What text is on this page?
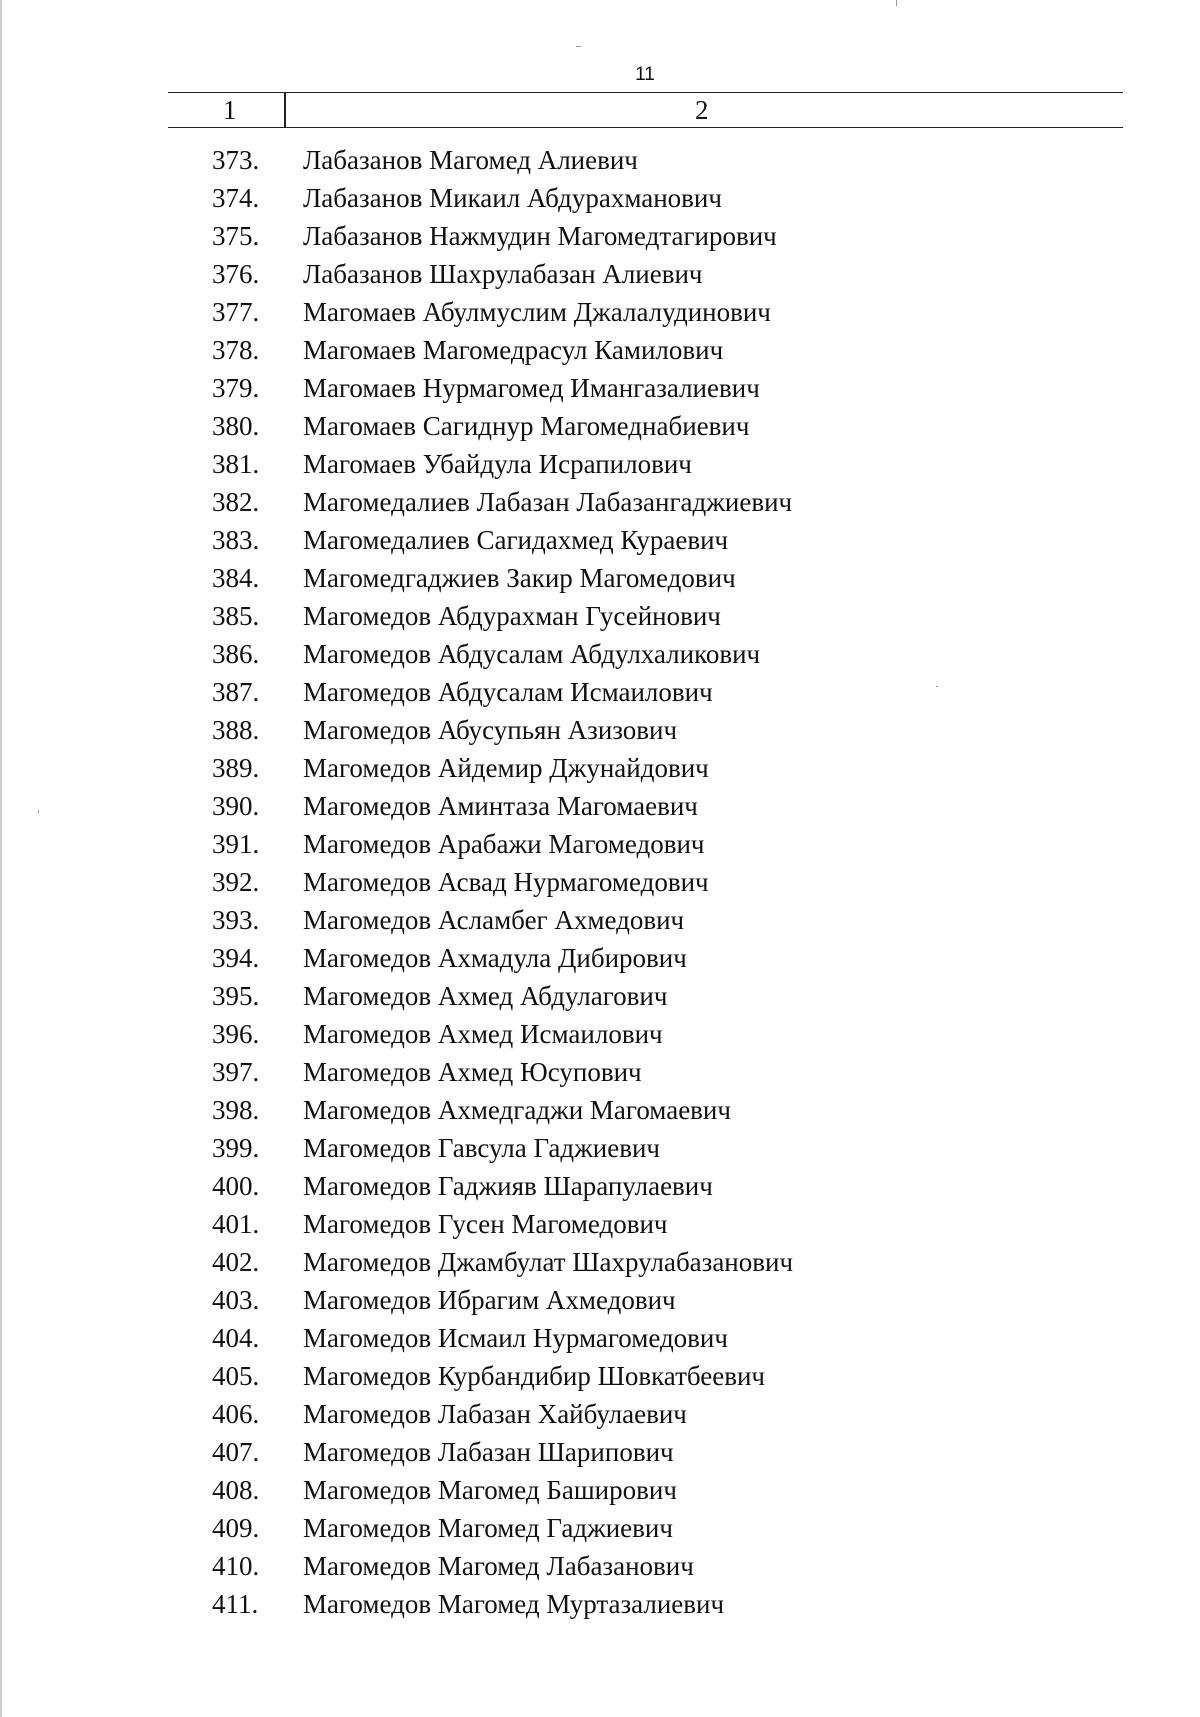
11
1	2
373. Лабазанов Магомед Алиевич
374. Лабазанов Микаил Абдурахманович
375. Лабазанов Нажмудин Магомедтагирович
376. Лабазанов Шахрулабазан Алиевич
377. Магомаев Абулмуслим Джалалудинович
378. Магомаев Магомедрасул Камилович
379. Магомаев Нурмагомед Имангазалиевич
380. Магомаев Сагиднур Магомеднабиевич
381. Магомаев Убайдула Исрапилович
382. Магомедалиев Лабазан Лабазангаджиевич
383. Магомедалиев Сагидахмед Кураевич
384. Магомедгаджиев Закир Магомедович
385. Магомедов Абдурахман Гусейнович
386. Магомедов Абдусалам Абдулхаликович
387. Магомедов Абдусалам Исмаилович
388. Магомедов Абусупьян Азизович
389. Магомедов Айдемир Джунайдович
390. Магомедов Аминтаза Магомаевич
391. Магомедов Арабажи Магомедович
392. Магомедов Асвад Нурмагомедович
393. Магомедов Асламбег Ахмедович
394. Магомедов Ахмадула Дибирович
395. Магомедов Ахмед Абдулагович
396. Магомедов Ахмед Исмаилович
397. Магомедов Ахмед Юсупович
398. Магомедов Ахмедгаджи Магомаевич
399. Магомедов Гавсула Гаджиевич
400. Магомедов Гаджияв Шарапулаевич
401. Магомедов Гусен Магомедович
402. Магомедов Джамбулат Шахрулабазанович
403. Магомедов Ибрагим Ахмедович
404. Магомедов Исмаил Нурмагомедович
405. Магомедов Курбандибир Шовкатбеевич
406. Магомедов Лабазан Хайбулаевич
407. Магомедов Лабазан Шарипович
408. Магомедов Магомед Баширович
409. Магомедов Магомед Гаджиевич
410. Магомедов Магомед Лабазанович
411. Магомедов Магомед Муртазалиевич
